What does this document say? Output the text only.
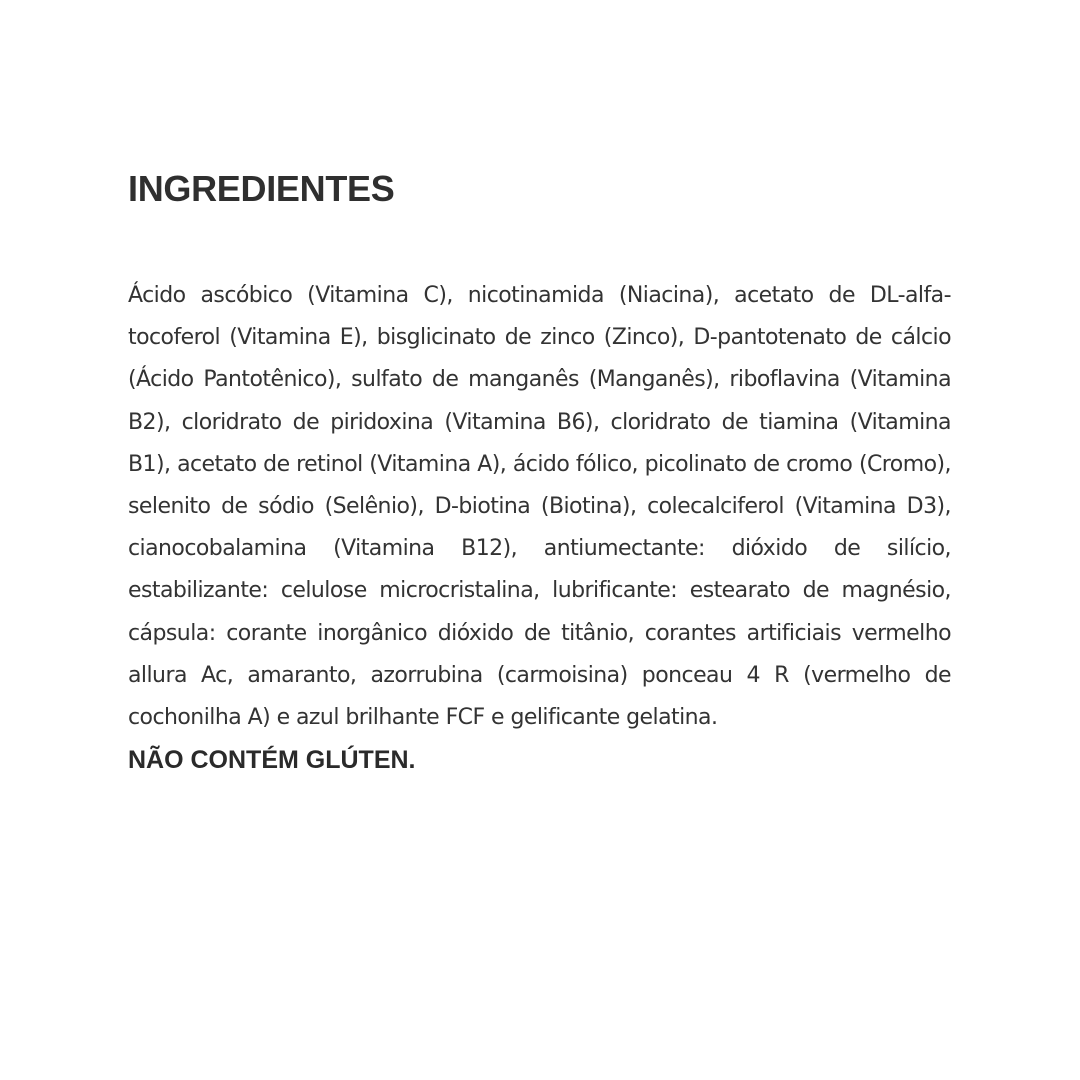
INGREDIENTES

Ácido ascóbico (Vitamina C), nicotinamida (Niacina), acetato de DL-alfa-tocoferol (Vitamina E), bisglicinato de zinco (Zinco), D-pantotenato de cálcio (Ácido Pantotênico), sulfato de manganês (Manganês), riboflavina (Vitamina B2), cloridrato de piridoxina (Vitamina B6), cloridrato de tiamina (Vitamina B1), acetato de retinol (Vitamina A), ácido fólico, picolinato de cromo (Cromo), selenito de sódio (Selênio), D-biotina (Biotina), colecalciferol (Vitamina D3), cianocobalamina (Vitamina B12), antiumectante: dióxido de silício, estabilizante: celulose microcristalina, lubrificante: estearato de magnésio, cápsula: corante inorgânico dióxido de titânio, corantes artificiais vermelho allura Ac, amaranto, azorrubina (carmoisina) ponceau 4 R (vermelho de cochonilha A) e azul brilhante FCF e gelificante gelatina.

NÃO CONTÉM GLÚTEN.
